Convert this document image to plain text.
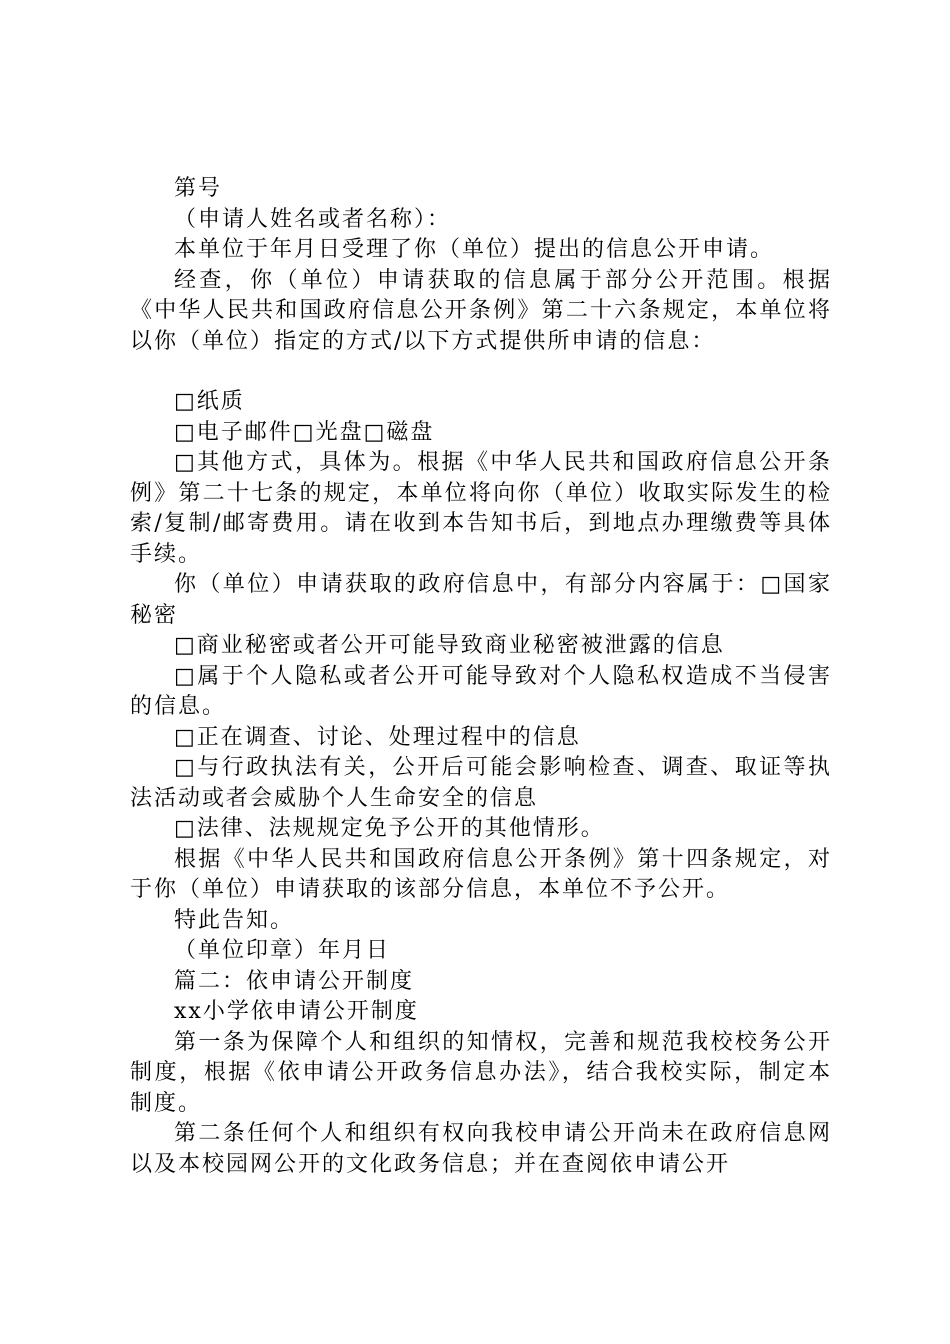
第号

（申请人姓名或者名称）：

本单位于年月日受理了你（单位）提出的信息公开申请。

经查，你（单位）申请获取的信息属于部分公开范围。根据《中华人民共和国政府信息公开条例》第二十六条规定，本单位将以你（单位）指定的方式/以下方式提供所申请的信息：

□纸质

□电子邮件□光盘□磁盘

□其他方式，具体为。根据《中华人民共和国政府信息公开条例》第二十七条的规定，本单位将向你（单位）收取实际发生的检索/复制/邮寄费用。请在收到本告知书后，到地点办理缴费等具体手续。

你（单位）申请获取的政府信息中，有部分内容属于：□国家秘密

□商业秘密或者公开可能导致商业秘密被泄露的信息

□属于个人隐私或者公开可能导致对个人隐私权造成不当侵害的信息。

□正在调查、讨论、处理过程中的信息

□与行政执法有关，公开后可能会影响检查、调查、取证等执法活动或者会威胁个人生命安全的信息

□法律、法规规定免予公开的其他情形。

根据《中华人民共和国政府信息公开条例》第十四条规定，对于你（单位）申请获取的该部分信息，本单位不予公开。

特此告知。

（单位印章）年月日

篇二：依申请公开制度

xx小学依申请公开制度

第一条为保障个人和组织的知情权，完善和规范我校校务公开制度，根据《依申请公开政务信息办法》，结合我校实际，制定本制度。

第二条任何个人和组织有权向我校申请公开尚未在政府信息网以及本校园网公开的文化政务信息；并在查阅依申请公开
